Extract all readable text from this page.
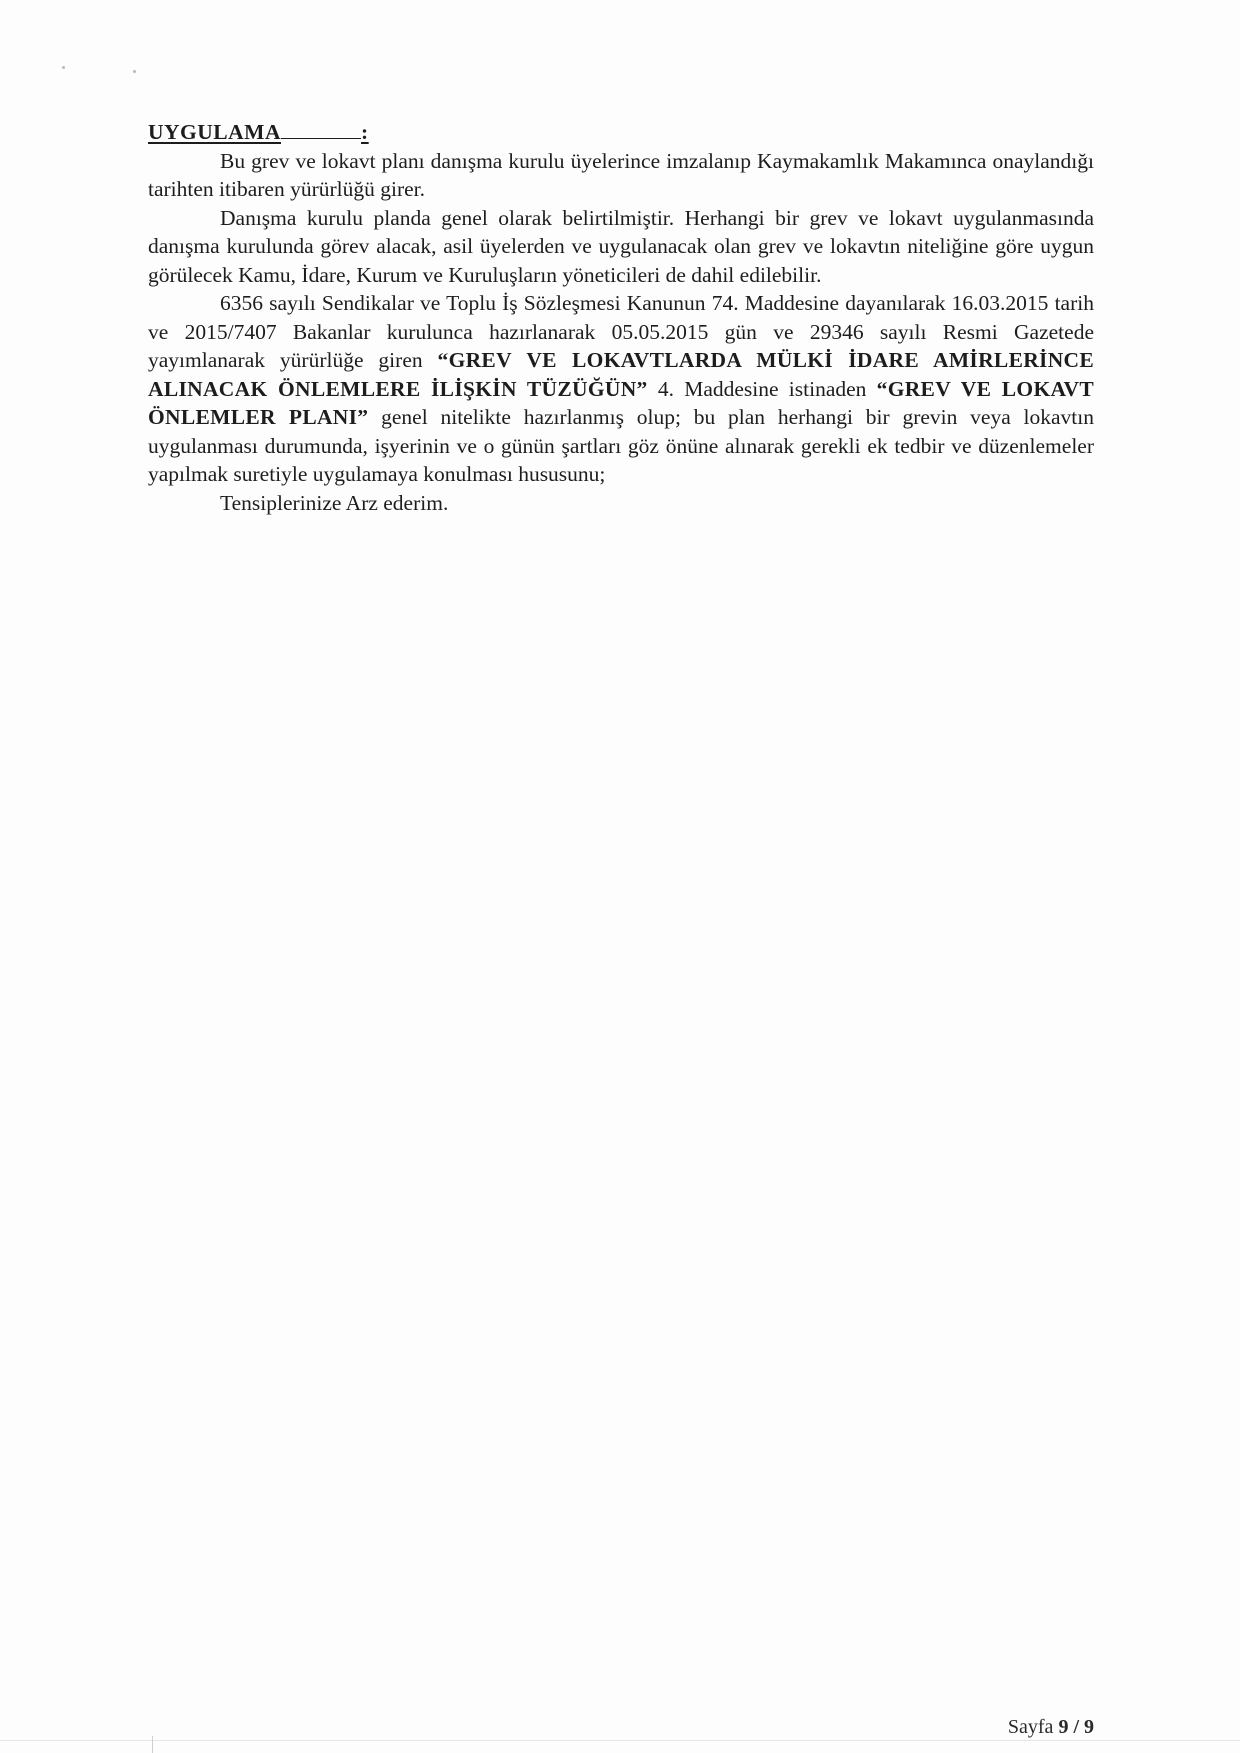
UYGULAMA	:

Bu grev ve lokavt planı danışma kurulu üyelerince imzalanıp Kaymakamlık Makamınca onaylandığı tarihten itibaren yürürlüğü girer.

Danışma kurulu planda genel olarak belirtilmiştir. Herhangi bir grev ve lokavt uygulanmasında danışma kurulunda görev alacak, asil üyelerden ve uygulanacak olan grev ve lokavtın niteliğine göre uygun görülecek Kamu, İdare, Kurum ve Kuruluşların yöneticileri de dahil edilebilir.

6356 sayılı Sendikalar ve Toplu İş Sözleşmesi Kanunun 74. Maddesine dayanılarak 16.03.2015 tarih ve 2015/7407 Bakanlar kurulunca hazırlanarak 05.05.2015 gün ve 29346 sayılı Resmi Gazetede yayımlanarak yürürlüğe giren “GREV VE LOKAVTLARDA MÜLKİ İDARE AMİRLERİNCE ALINACAK ÖNLEMLERE İLİŞKİN TÜZÜĞÜN” 4. Maddesine istinaden “GREV VE LOKAVT ÖNLEMLER PLANI” genel nitelikte hazırlanmış olup; bu plan herhangi bir grevin veya lokavtın uygulanması durumunda, işyerinin ve o günün şartları göz önüne alınarak gerekli ek tedbir ve düzenlemeler yapılmak suretiyle uygulamaya konulması hususunu;

Tensiplerinize Arz ederim.

Sayfa 9 / 9
